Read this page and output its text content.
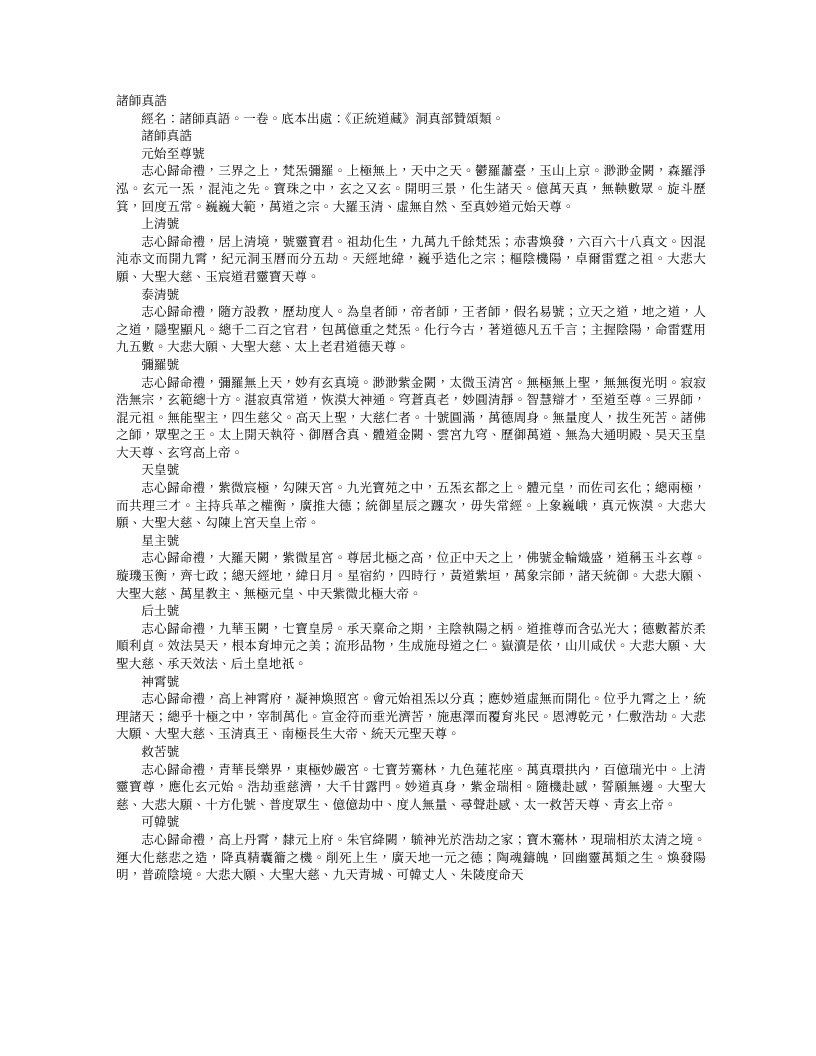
諸師真誥

經名：諸師真語。一卷。底本出處：《正統道藏》洞真部贊頌類。

諸師真誥

元始至尊號

志心歸命禮，三界之上，梵炁彌羅。上極無上，天中之天。鬱羅蕭臺，玉山上京。渺渺金闕，森羅淨泓。玄元一炁，混沌之先。寶珠之中，玄之又玄。開明三景，化生諸天。億萬天真，無鞅數眾。旋斗歷箕，回度五常。巍巍大範，萬道之宗。大羅玉清、虛無自然、至真妙道元始天尊。

上清號

志心歸命禮，居上清境，號靈寶君。祖劫化生，九萬九千餘梵炁；赤書煥發，六百六十八真文。因混沌赤文而開九霄，紀元洞玉曆而分五劫。天經地緯，巍乎造化之宗；樞陰機陽，卓爾雷霆之祖。大悲大願、大聖大慈、玉宸道君靈寶天尊。

泰清號

志心歸命禮，隨方設教，歷劫度人。為皇者師，帝者師，王者師，假名易號；立天之道，地之道，人之道，隱聖顯凡。總千二百之官君，包萬億重之梵炁。化行今古，著道德凡五千言；主握陰陽，命雷霆用九五數。大悲大願、大聖大慈、太上老君道德天尊。

彌羅號

志心歸命禮，彌羅無上天，妙有玄真境。渺渺紫金闕，太微玉清宮。無極無上聖，無無復光明。寂寂浩無宗，玄範總十方。湛寂真常道，恢漠大神通。穹蒼真老，妙圓清靜。智慧辯才，至道至尊。三界師，混元祖。無能聖主，四生慈父。高天上聖，大慈仁者。十號圓滿，萬德周身。無量度人，拔生死苦。諸佛之師，眾聖之王。太上開天執符、御曆含真、體道金闕、雲宮九穹、歷御萬道、無為大通明殿、昊天玉皇大天尊、玄穹高上帝。

天皇號

志心歸命禮，紫微宸極，勾陳天宮。九光寶苑之中，五炁玄都之上。體元皇，而佐司玄化；總兩極，而共理三才。主持兵革之權衡，廣推大德；統御星辰之躔次，毋失常經。上象巍峨，真元恢漠。大悲大願、大聖大慈、勾陳上宮天皇上帝。

星主號

志心歸命禮，大羅天闕，紫微星宮。尊居北極之高，位正中天之上，佛號金輪熾盛，道稱玉斗玄尊。璇璣玉衡，齊七政；總天經地，緯日月。星宿約，四時行，黃道紫垣，萬象宗師，諸天統御。大悲大願、大聖大慈、萬星教主、無極元皇、中天紫微北極大帝。

后土號

志心歸命禮，九華玉闕，七寶皇房。承天稟命之期，主陰執陽之柄。道推尊而含弘光大；德數蓄於柔順利貞。效法昊天，根本育坤元之美；流形品物，生成施母道之仁。嶽瀆是依，山川咸伏。大悲大願、大聖大慈、承天效法、后土皇地祇。

神霄號

志心歸命禮，高上神霄府，凝神煥照宮。會元始祖炁以分真；應妙道虛無而開化。位乎九霄之上，統理諸天；總乎十極之中，宰制萬化。宣金符而垂光濟苦，施惠澤而覆育兆民。恩溥乾元，仁敷浩劫。大悲大願、大聖大慈、玉清真王、南極長生大帝、統天元聖天尊。

救苦號

志心歸命禮，青華長樂界，東極妙嚴宮。七寶芳騫林，九色蓮花座。萬真環拱內，百億瑞光中。上清靈寶尊，應化玄元始。浩劫垂慈濟，大千甘露門。妙道真身，紫金瑞相。隨機赴感，誓願無邊。大聖大慈、大悲大願、十方化號、普度眾生、億億劫中、度人無量、尋聲赴感、太一救苦天尊、青玄上帝。

可韓號

志心歸命禮，高上丹霄，隸元上府。朱官絳闕，毓神光於浩劫之家；寶木騫林，現瑞相於太清之境。運大化慈悲之造，降真精囊籥之機。削死上生，廣天地一元之德；陶魂鑄魄，回幽靈萬類之生。煥發陽明，普疏陰境。大悲大願、大聖大慈、九天青城、可韓丈人、朱陵度命天
